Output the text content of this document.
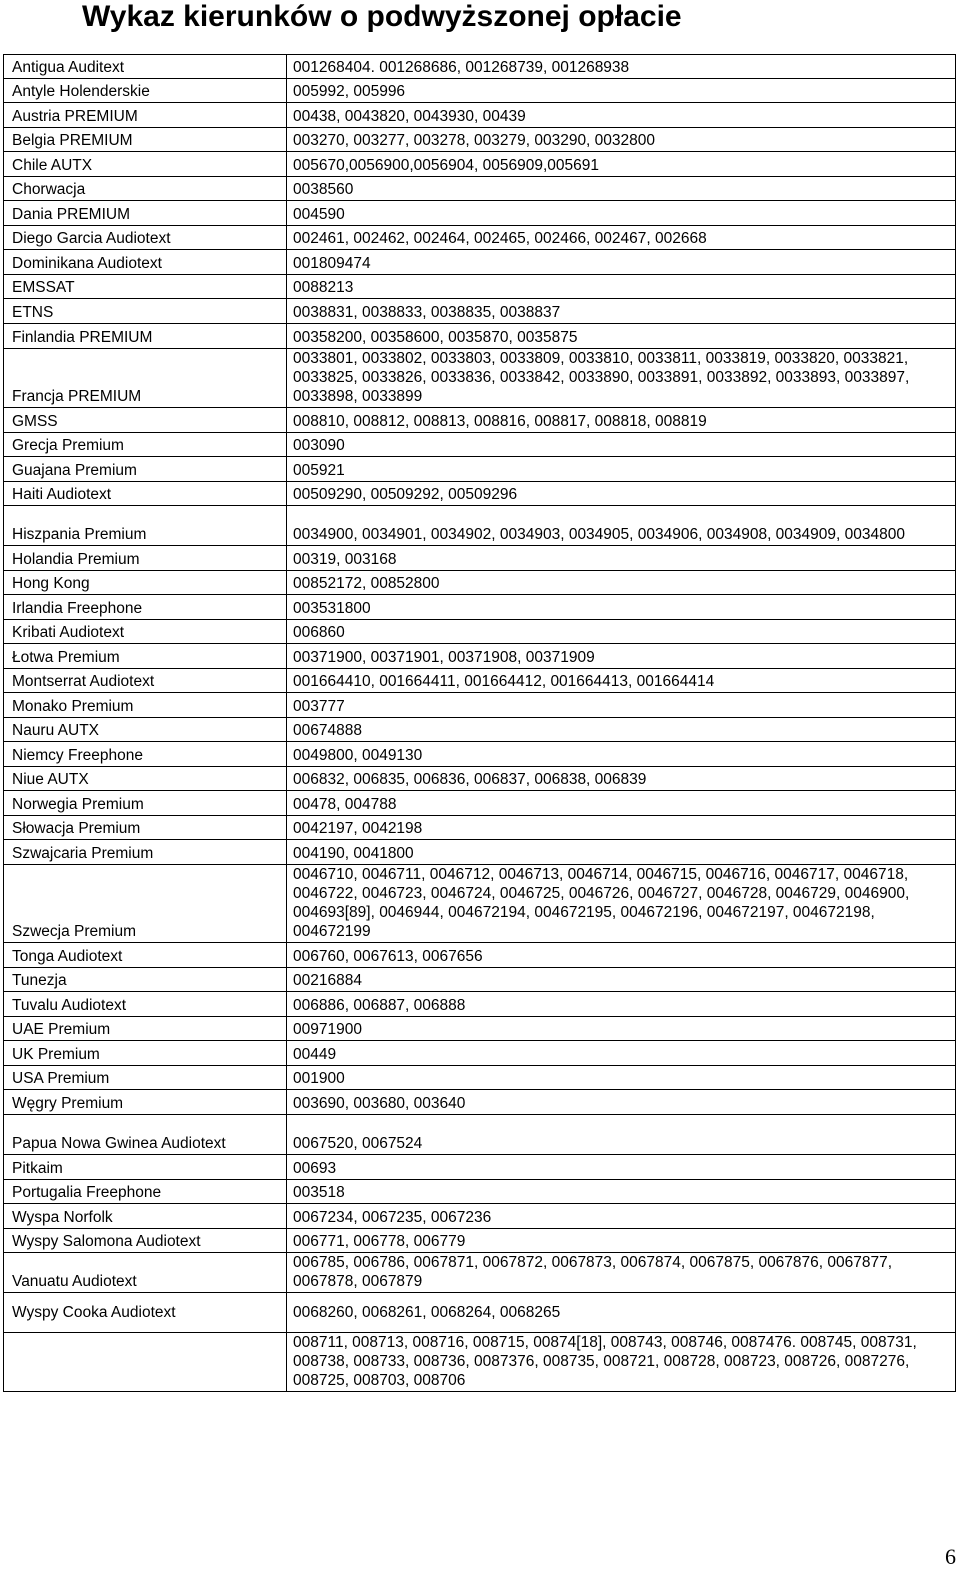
Wykaz kierunków o podwyższonej opłacie
Antigua Auditext	001268404. 001268686, 001268739, 001268938
Antyle Holenderskie	005992, 005996
Austria PREMIUM	00438, 0043820, 0043930, 00439
Belgia PREMIUM	003270, 003277, 003278, 003279, 003290, 0032800
Chile AUTX	005670,0056900,0056904, 0056909,005691
Chorwacja	0038560
Dania PREMIUM	004590
Diego Garcia Audiotext	002461, 002462, 002464, 002465, 002466, 002467, 002668
Dominikana Audiotext	001809474
EMSSAT	0088213
ETNS	0038831, 0038833, 0038835, 0038837
Finlandia PREMIUM	00358200, 00358600, 0035870, 0035875
Francja PREMIUM	0033801, 0033802, 0033803, 0033809, 0033810, 0033811, 0033819, 0033820, 0033821, 0033825, 0033826, 0033836, 0033842, 0033890, 0033891, 0033892, 0033893, 0033897, 0033898, 0033899
GMSS	008810, 008812, 008813, 008816, 008817, 008818, 008819
Grecja Premium	003090
Guajana Premium	005921
Haiti Audiotext	00509290, 00509292, 00509296
Hiszpania Premium	0034900, 0034901, 0034902, 0034903, 0034905, 0034906, 0034908, 0034909, 0034800
Holandia Premium	00319, 003168
Hong Kong	00852172, 00852800
Irlandia Freephone	003531800
Kribati Audiotext	006860
Łotwa Premium	00371900, 00371901, 00371908, 00371909
Montserrat Audiotext	001664410, 001664411, 001664412, 001664413, 001664414
Monako Premium	003777
Nauru AUTX	00674888
Niemcy Freephone	0049800, 0049130
Niue AUTX	006832, 006835, 006836, 006837, 006838, 006839
Norwegia Premium	00478, 004788
Słowacja Premium	0042197, 0042198
Szwajcaria Premium	004190, 0041800
Szwecja Premium	0046710, 0046711, 0046712, 0046713, 0046714, 0046715, 0046716, 0046717, 0046718, 0046722, 0046723, 0046724, 0046725, 0046726, 0046727, 0046728, 0046729, 0046900, 004693[89], 0046944, 004672194, 004672195, 004672196, 004672197, 004672198, 004672199
Tonga Audiotext	006760, 0067613, 0067656
Tunezja	00216884
Tuvalu Audiotext	006886, 006887, 006888
UAE Premium	00971900
UK Premium	00449
USA Premium	001900
Węgry Premium	003690, 003680, 003640
Papua Nowa Gwinea Audiotext	0067520, 0067524
Pitkaim	00693
Portugalia Freephone	003518
Wyspa Norfolk	0067234, 0067235, 0067236
Wyspy Salomona Audiotext	006771, 006778, 006779
Vanuatu Audiotext	006785, 006786, 0067871, 0067872, 0067873, 0067874, 0067875, 0067876, 0067877, 0067878, 0067879
Wyspy Cooka Audiotext	0068260, 0068261, 0068264, 0068265
	008711, 008713, 008716, 008715, 00874[18], 008743, 008746, 0087476. 008745, 008731, 008738, 008733, 008736, 0087376, 008735, 008721, 008728, 008723, 008726, 0087276, 008725, 008703, 008706
6
